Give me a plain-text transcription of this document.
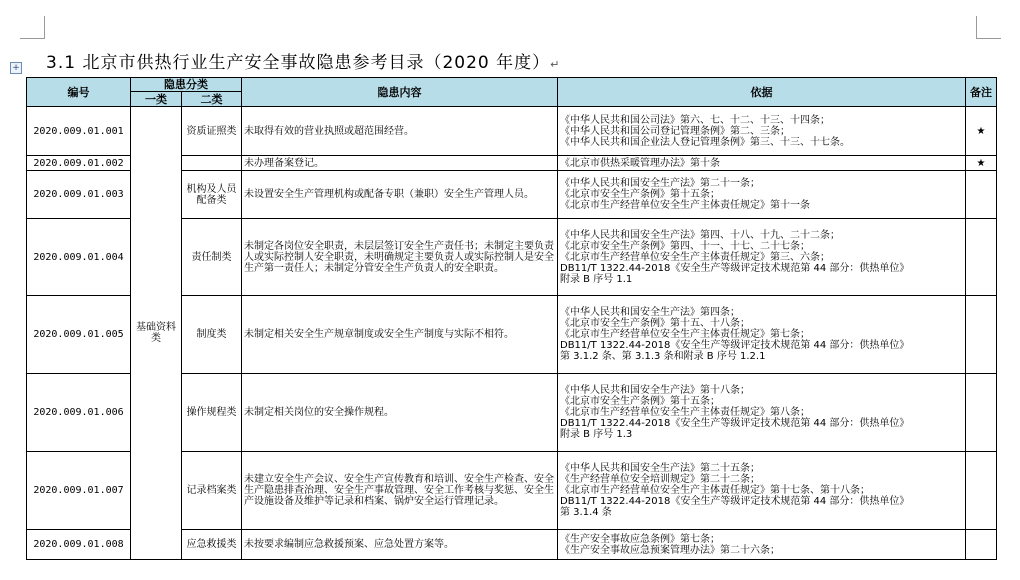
+ 3.1 北京市供热行业生产安全事故隐患参考目录（2020 年度）↵
编号	隐患分类		隐患内容	依据	备注
	一类	二类			
2020.009.01.001	基础资料类	资质证照类	未取得有效的营业执照或超范围经营。	《中华人民共和国公司法》第六、七、十二、十三、十四条；
《中华人民共和国公司登记管理条例》第二、三条；
《中华人民共和国企业法人登记管理条例》第三、十三、十七条。	★
2020.009.01.002			未办理备案登记。	《北京市供热采暖管理办法》第十条	★
2020.009.01.003		机构及人员配备类	未设置安全生产管理机构或配备专职（兼职）安全生产管理人员。	《中华人民共和国安全生产法》第二十一条；
《北京市安全生产条例》第十五条；
《北京市生产经营单位安全生产主体责任规定》第十一条	

2020.009.01.004		责任制类	未制定各岗位安全职责，未层层签订安全生产责任书；未制定主要负责人或实际控制人安全职责，未明确规定主要负责人或实际控制人是安全生产第一责任人；未制定分管安全生产负责人的安全职责。	《中华人民共和国安全生产法》第四、十八、十九、二十二条；
《北京市安全生产条例》第四、十一、十七、二十七条；
《北京市生产经营单位安全生产主体责任规定》第三、六条；
DB11/T 1322.44-2018《安全生产等级评定技术规范第 44 部分：供热单位》
附录 B 序号 1.1	

2020.009.01.005		制度类	未制定相关安全生产规章制度或安全生产制度与实际不相符。	《中华人民共和国安全生产法》第四条；
《北京市安全生产条例》第十五、十八条；
《北京市生产经营单位安全生产主体责任规定》第七条；
DB11/T 1322.44-2018《安全生产等级评定技术规范第 44 部分：供热单位》
第 3.1.2 条、第 3.1.3 条和附录 B 序号 1.2.1	

2020.009.01.006		操作规程类	未制定相关岗位的安全操作规程。	《中华人民共和国安全生产法》第十八条；
《北京市安全生产条例》第十五条；
《北京市生产经营单位安全生产主体责任规定》第八条；
DB11/T 1322.44-2018《安全生产等级评定技术规范第 44 部分：供热单位》
附录 B 序号 1.3	

2020.009.01.007		记录档案类	未建立安全生产会议、安全生产宣传教育和培训、安全生产检查、安全生产隐患排查治理、安全生产事故管理、安全工作考核与奖惩、安全生产设施设备及维护等记录和档案、锅炉安全运行管理记录。	《中华人民共和国安全生产法》第二十五条；
《生产经营单位安全培训规定》第二十二条；
《北京市生产经营单位安全生产主体责任规定》第十七条、第十八条；
DB11/T 1322.44-2018《安全生产等级评定技术规范第 44 部分：供热单位》
第 3.1.4 条	

2020.009.01.008		应急救援类	未按要求编制应急救援预案、应急处置方案等。	《生产安全事故应急条例》第七条；
《生产安全事故应急预案管理办法》第二十六条；	
